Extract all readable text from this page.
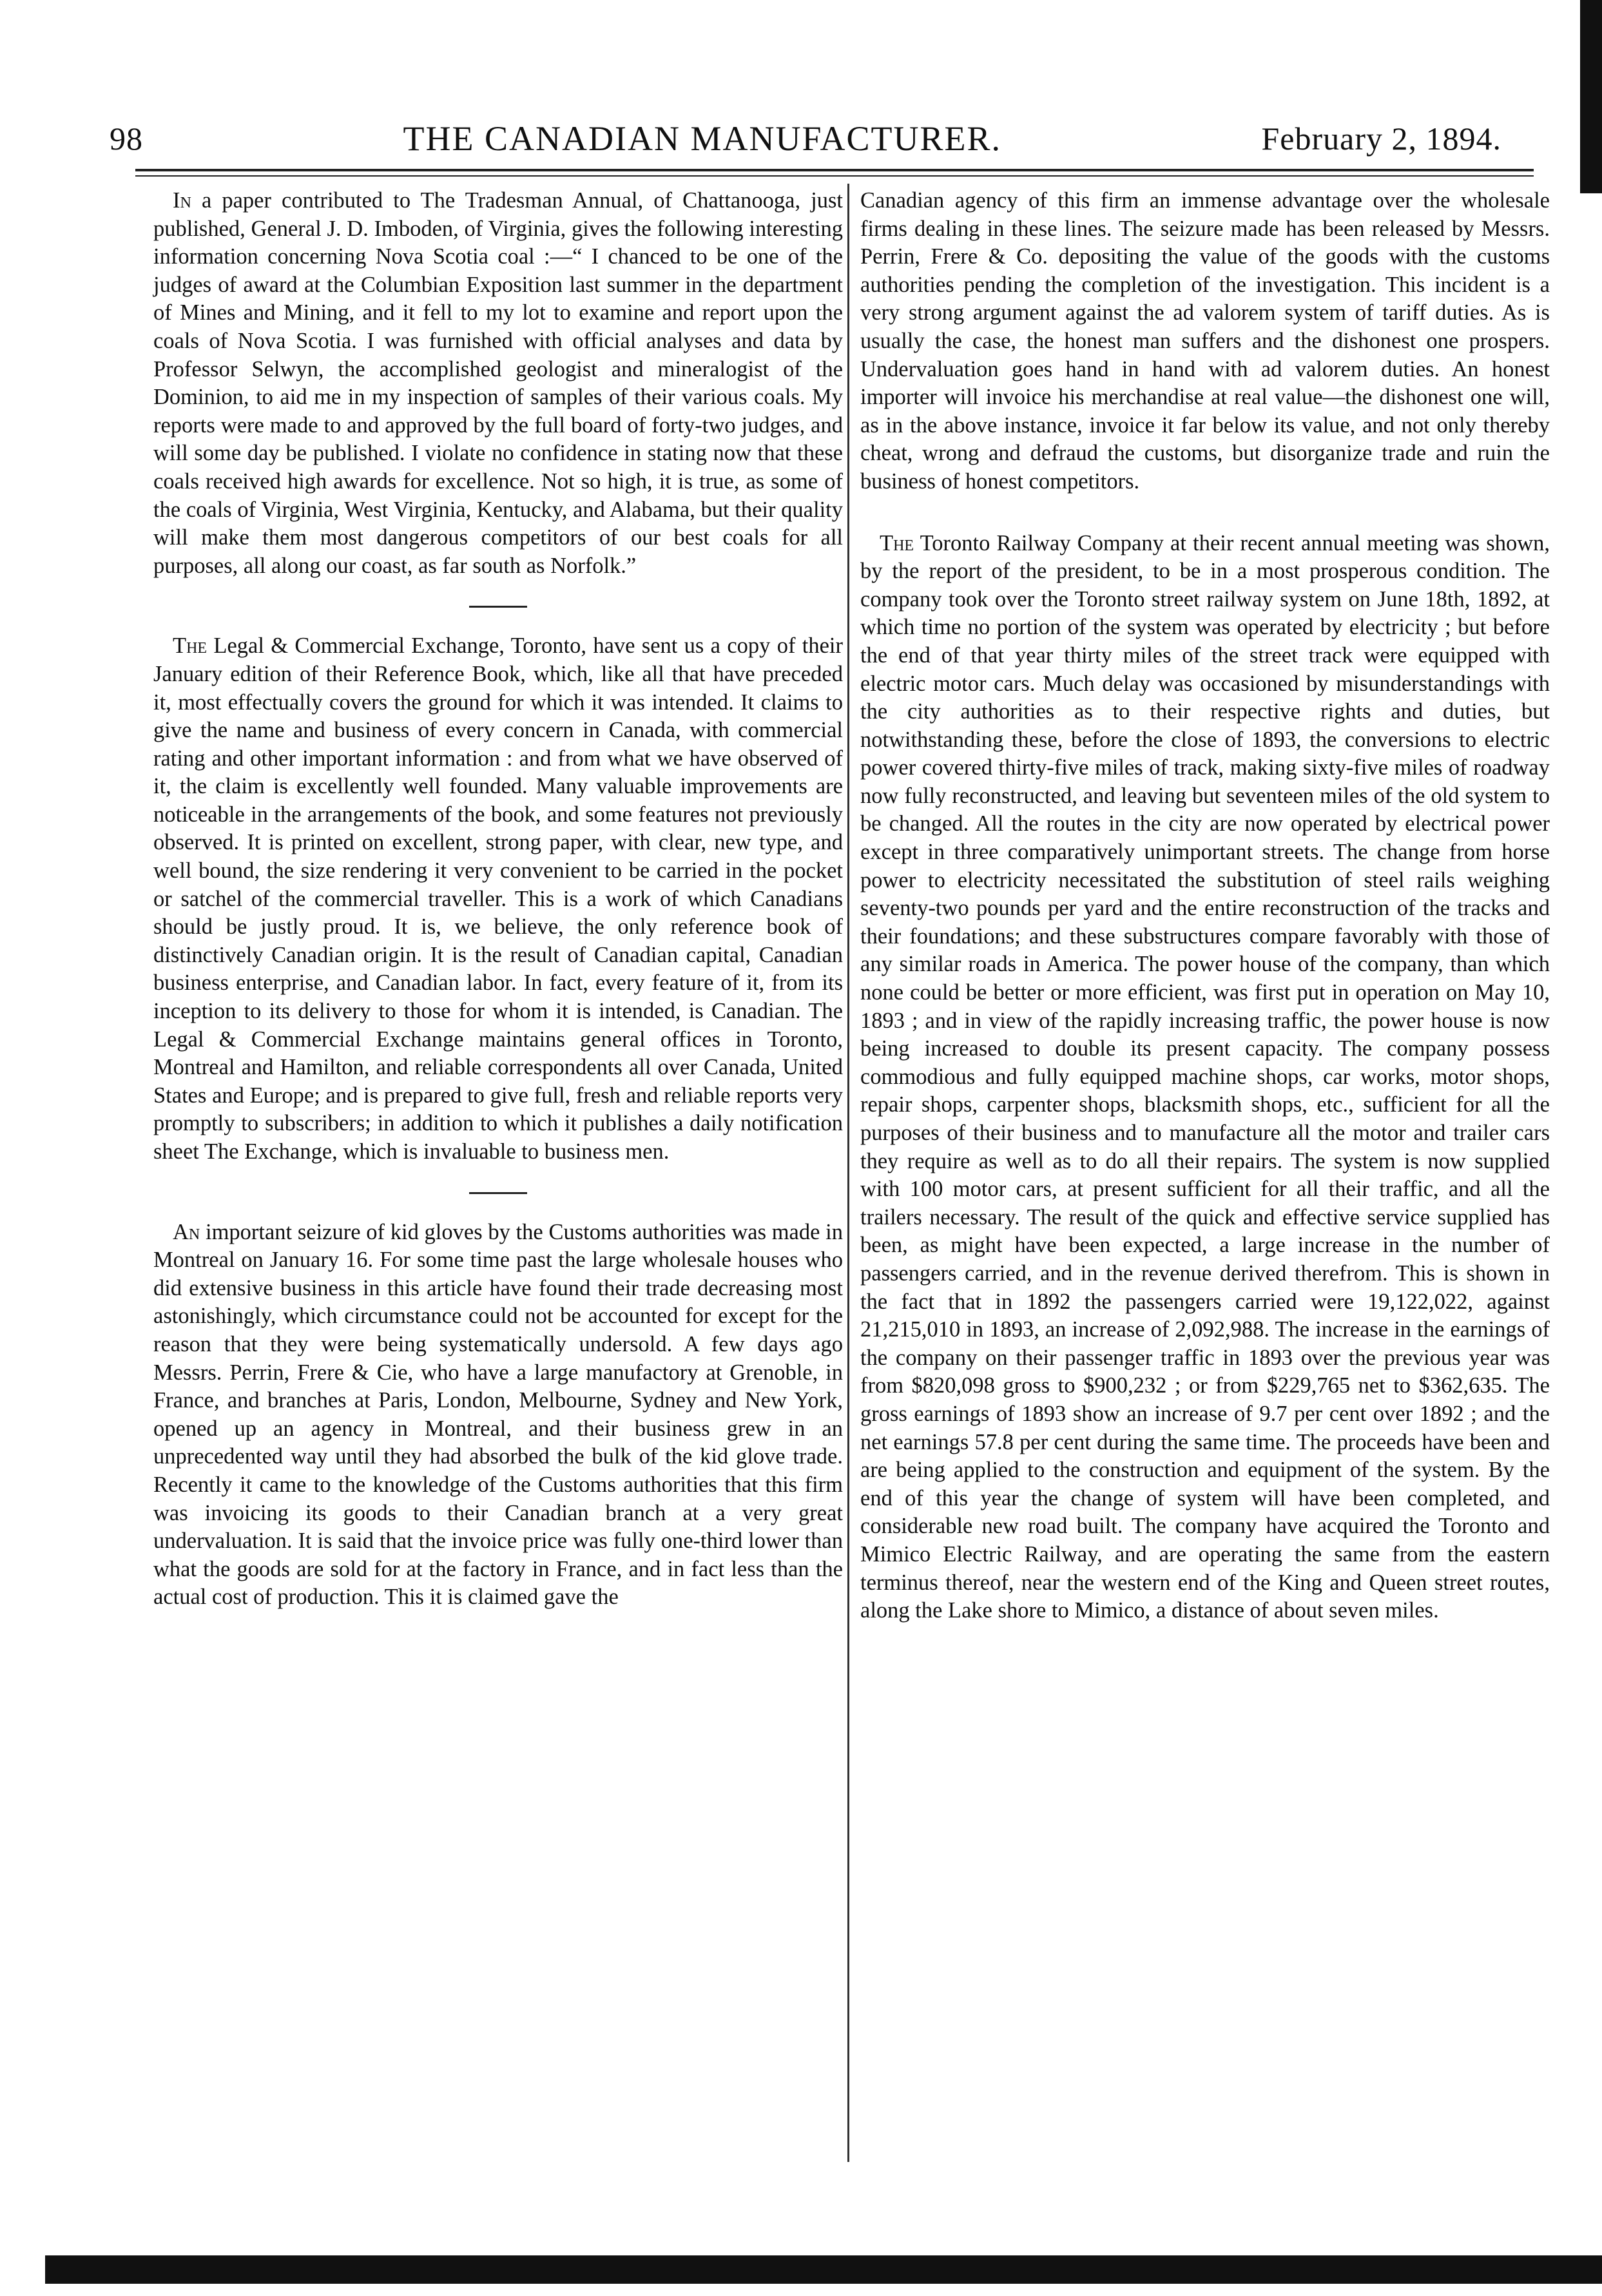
98	THE CANADIAN MANUFACTURER.	February 2, 1894.

In a paper contributed to The Tradesman Annual, of Chattanooga, just published, General J. D. Imboden, of Virginia, gives the following interesting information concerning Nova Scotia coal :—“ I chanced to be one of the judges of award at the Columbian Exposition last summer in the department of Mines and Mining, and it fell to my lot to examine and report upon the coals of Nova Scotia. I was furnished with official analyses and data by Professor Selwyn, the accomplished geologist and mineralogist of the Dominion, to aid me in my inspection of samples of their various coals. My reports were made to and approved by the full board of forty-two judges, and will some day be published. I violate no confidence in stating now that these coals received high awards for excellence. Not so high, it is true, as some of the coals of Virginia, West Virginia, Kentucky, and Alabama, but their quality will make them most dangerous competitors of our best coals for all purposes, all along our coast, as far south as Norfolk.”

The Legal & Commercial Exchange, Toronto, have sent us a copy of their January edition of their Reference Book, which, like all that have preceded it, most effectually covers the ground for which it was intended. It claims to give the name and business of every concern in Canada, with commercial rating and other important information : and from what we have observed of it, the claim is excellently well founded. Many valuable improvements are noticeable in the arrangements of the book, and some features not previously observed. It is printed on excellent, strong paper, with clear, new type, and well bound, the size rendering it very convenient to be carried in the pocket or satchel of the commercial traveller. This is a work of which Canadians should be justly proud. It is, we believe, the only reference book of distinctively Canadian origin. It is the result of Canadian capital, Canadian business enterprise, and Canadian labor. In fact, every feature of it, from its inception to its delivery to those for whom it is intended, is Canadian. The Legal & Commercial Exchange maintains general offices in Toronto, Montreal and Hamilton, and reliable correspondents all over Canada, United States and Europe; and is prepared to give full, fresh and reliable reports very promptly to subscribers; in addition to which it publishes a daily notification sheet The Exchange, which is invaluable to business men.

An important seizure of kid gloves by the Customs authorities was made in Montreal on January 16. For some time past the large wholesale houses who did extensive business in this article have found their trade decreasing most astonishingly, which circumstance could not be accounted for except for the reason that they were being systematically undersold. A few days ago Messrs. Perrin, Frere & Cie, who have a large manufactory at Grenoble, in France, and branches at Paris, London, Melbourne, Sydney and New York, opened up an agency in Montreal, and their business grew in an unprecedented way until they had absorbed the bulk of the kid glove trade. Recently it came to the knowledge of the Customs authorities that this firm was invoicing its goods to their Canadian branch at a very great undervaluation. It is said that the invoice price was fully one-third lower than what the goods are sold for at the factory in France, and in fact less than the actual cost of production. This it is claimed gave the

Canadian agency of this firm an immense advantage over the wholesale firms dealing in these lines. The seizure made has been released by Messrs. Perrin, Frere & Co. depositing the value of the goods with the customs authorities pending the completion of the investigation. This incident is a very strong argument against the ad valorem system of tariff duties. As is usually the case, the honest man suffers and the dishonest one prospers. Undervaluation goes hand in hand with ad valorem duties. An honest importer will invoice his merchandise at real value—the dishonest one will, as in the above instance, invoice it far below its value, and not only thereby cheat, wrong and defraud the customs, but disorganize trade and ruin the business of honest competitors.

The Toronto Railway Company at their recent annual meeting was shown, by the report of the president, to be in a most prosperous condition. The company took over the Toronto street railway system on June 18th, 1892, at which time no portion of the system was operated by electricity ; but before the end of that year thirty miles of the street track were equipped with electric motor cars. Much delay was occasioned by misunderstandings with the city authorities as to their respective rights and duties, but notwithstanding these, before the close of 1893, the conversions to electric power covered thirty-five miles of track, making sixty-five miles of roadway now fully reconstructed, and leaving but seventeen miles of the old system to be changed. All the routes in the city are now operated by electrical power except in three comparatively unimportant streets. The change from horse power to electricity necessitated the substitution of steel rails weighing seventy-two pounds per yard and the entire reconstruction of the tracks and their foundations; and these substructures compare favorably with those of any similar roads in America. The power house of the company, than which none could be better or more efficient, was first put in operation on May 10, 1893 ; and in view of the rapidly increasing traffic, the power house is now being increased to double its present capacity. The company possess commodious and fully equipped machine shops, car works, motor shops, repair shops, carpenter shops, blacksmith shops, etc., sufficient for all the purposes of their business and to manufacture all the motor and trailer cars they require as well as to do all their repairs. The system is now supplied with 100 motor cars, at present sufficient for all their traffic, and all the trailers necessary. The result of the quick and effective service supplied has been, as might have been expected, a large increase in the number of passengers carried, and in the revenue derived therefrom. This is shown in the fact that in 1892 the passengers carried were 19,122,022, against 21,215,010 in 1893, an increase of 2,092,988. The increase in the earnings of the company on their passenger traffic in 1893 over the previous year was from $820,098 gross to $900,232 ; or from $229,765 net to $362,635. The gross earnings of 1893 show an increase of 9.7 per cent over 1892 ; and the net earnings 57.8 per cent during the same time. The proceeds have been and are being applied to the construction and equipment of the system. By the end of this year the change of system will have been completed, and considerable new road built. The company have acquired the Toronto and Mimico Electric Railway, and are operating the same from the eastern terminus thereof, near the western end of the King and Queen street routes, along the Lake shore to Mimico, a distance of about seven miles.
